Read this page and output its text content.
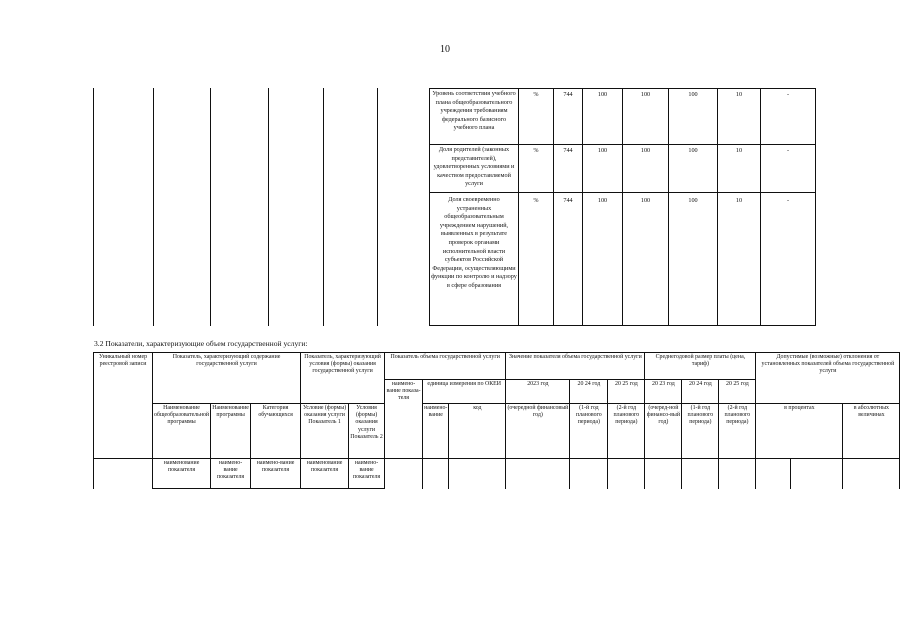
10
Уровень соответствия учебного плана общеобразовательного учреждения требованиям федерального базисного учебного плана
%	744	100	100	100	10	-
Доля родителей (законных представителей), удовлетворенных условиями и качеством предоставляемой услуги
%	744	100	100	100	10	-
Доля своевременно устраненных общеобразовательным учреждением нарушений, выявленных в результате проверок органами исполнительной власти субъектов Российской Федерации, осуществляющими функции по контролю и надзору в сфере образования
%	744	100	100	100	10	-
3.2 Показатели, характеризующие объем государственной услуги:
Уникальный номер реестровой записи	Показатель, характеризующий содержание государственной услуги			Показатель, характеризующий условия (формы) оказания государственной услуги		Показатель объема государственной услуги			Значение показателя объема государственной услуги			Среднегодовой размер платы (цена, тариф)			Допустимые (возможные) отклонения от установленных показателей объема государственной услуги		
						наимено-вание показа-теля	единица измерения по ОКЕИ		2023 год	20 24 год	20 25 год	20 23 год	20 24 год	20 25 год			
	Наименование общеобразовательной программы	Наименование программы	Категория обучающихся	Условие (формы) оказания услуги Показатель 1	Условия (формы) оказания услуги Показатель 2		наимено-вание	код	(очередной финансовый год)	(1-й год планового периода)	(2-й год планового периода)	(очеред-ной финансо-вый год)	(1-й год планового периода)	(2-й год планового периода)	в процентах		в абсолютных величинах

	наименование показателя	наимено-вание показателя	наимено-вание показателя	наименование показателя	наимено-вание показателя												
